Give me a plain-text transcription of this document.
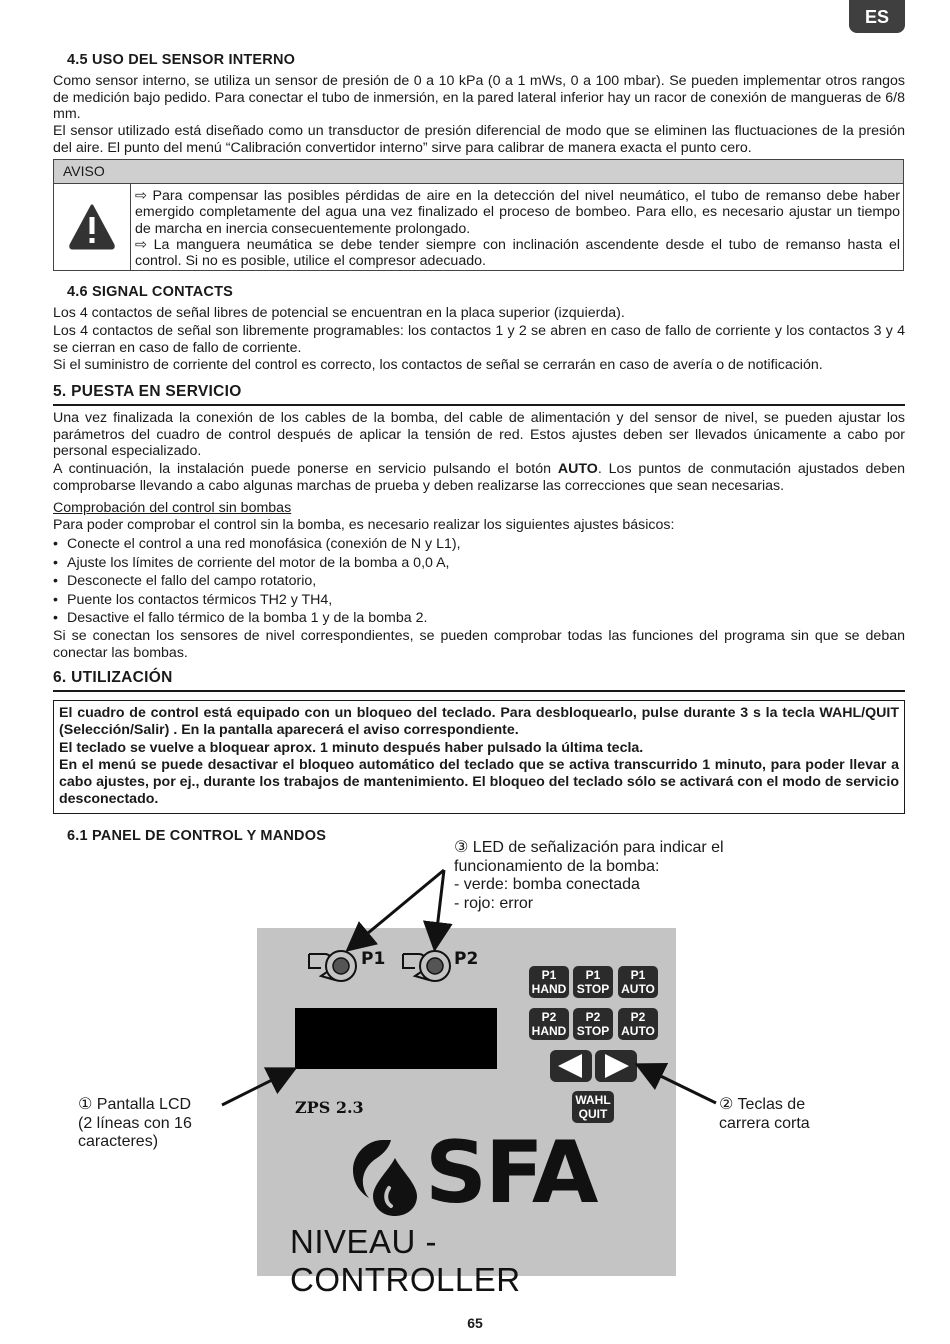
ES

4.5 USO DEL SENSOR INTERNO

Como sensor interno, se utiliza un sensor de presión de 0 a 10 kPa (0 a 1 mWs, 0 a 100 mbar). Se pueden implementar otros rangos de medición bajo pedido. Para conectar el tubo de inmersión, en la pared lateral inferior hay un racor de conexión de mangueras de 6/8 mm.

El sensor utilizado está diseñado como un transductor de presión diferencial de modo que se eliminen las fluctuaciones de la presión del aire. El punto del menú “Calibración convertidor interno” sirve para calibrar de manera exacta el punto cero.

AVISO

⇨ Para compensar las posibles pérdidas de aire en la detección del nivel neumático, el tubo de remanso debe haber emergido completamente del agua una vez finalizado el proceso de bombeo. Para ello, es necesario ajustar un tiempo de marcha en inercia consecuentemente prolongado.
⇨ La manguera neumática se debe tender siempre con inclinación ascendente desde el tubo de remanso hasta el control. Si no es posible, utilice el compresor adecuado.

4.6 SIGNAL CONTACTS

Los 4 contactos de señal libres de potencial se encuentran en la placa superior (izquierda).

Los 4 contactos de señal son libremente programables: los contactos 1 y 2 se abren en caso de fallo de corriente y los contactos 3 y 4 se cierran en caso de fallo de corriente.

Si el suministro de corriente del control es correcto, los contactos de señal se cerrarán en caso de avería o de notificación.

5. PUESTA EN SERVICIO

Una vez finalizada la conexión de los cables de la bomba, del cable de alimentación y del sensor de nivel, se pueden ajustar los parámetros del cuadro de control después de aplicar la tensión de red. Estos ajustes deben ser llevados únicamente a cabo por personal especializado.

A continuación, la instalación puede ponerse en servicio pulsando el botón AUTO. Los puntos de conmutación ajustados deben comprobarse llevando a cabo algunas marchas de prueba y deben realizarse las correcciones que sean necesarias.

Comprobación del control sin bombas

Para poder comprobar el control sin la bomba, es necesario realizar los siguientes ajustes básicos:

• Conecte el control a una red monofásica (conexión de N y L1),
• Ajuste los límites de corriente del motor de la bomba a 0,0 A,
• Desconecte el fallo del campo rotatorio,
• Puente los contactos térmicos TH2 y TH4,
• Desactive el fallo térmico de la bomba 1 y de la bomba 2.

Si se conectan los sensores de nivel correspondientes, se pueden comprobar todas las funciones del programa sin que se deban conectar las bombas.

6. UTILIZACIÓN

El cuadro de control está equipado con un bloqueo del teclado. Para desbloquearlo, pulse durante 3 s la tecla WAHL/QUIT (Selección/Salir) . En la pantalla aparecerá el aviso correspondiente.

El teclado se vuelve a bloquear aprox. 1 minuto después haber pulsado la última tecla.

En el menú se puede desactivar el bloqueo automático del teclado que se activa transcurrido 1 minuto, para poder llevar a cabo ajustes, por ej., durante los trabajos de mantenimiento. El bloqueo del teclado sólo se activará con el modo de servicio desconectado.

6.1 PANEL DE CONTROL Y MANDOS

③ LED de señalización para indicar el
funcionamiento de la bomba:
- verde: bomba conectada
- rojo: error
① Pantalla LCD
(2 líneas con 16
caracteres)
② Teclas de
carrera corta
P1	P2
P1
HAND
P1
STOP
P1
AUTO
P2
HAND
P2
STOP
P2
AUTO
WAHL
QUIT
ZPS 2.3
SFA
NIVEAU - CONTROLLER
65
